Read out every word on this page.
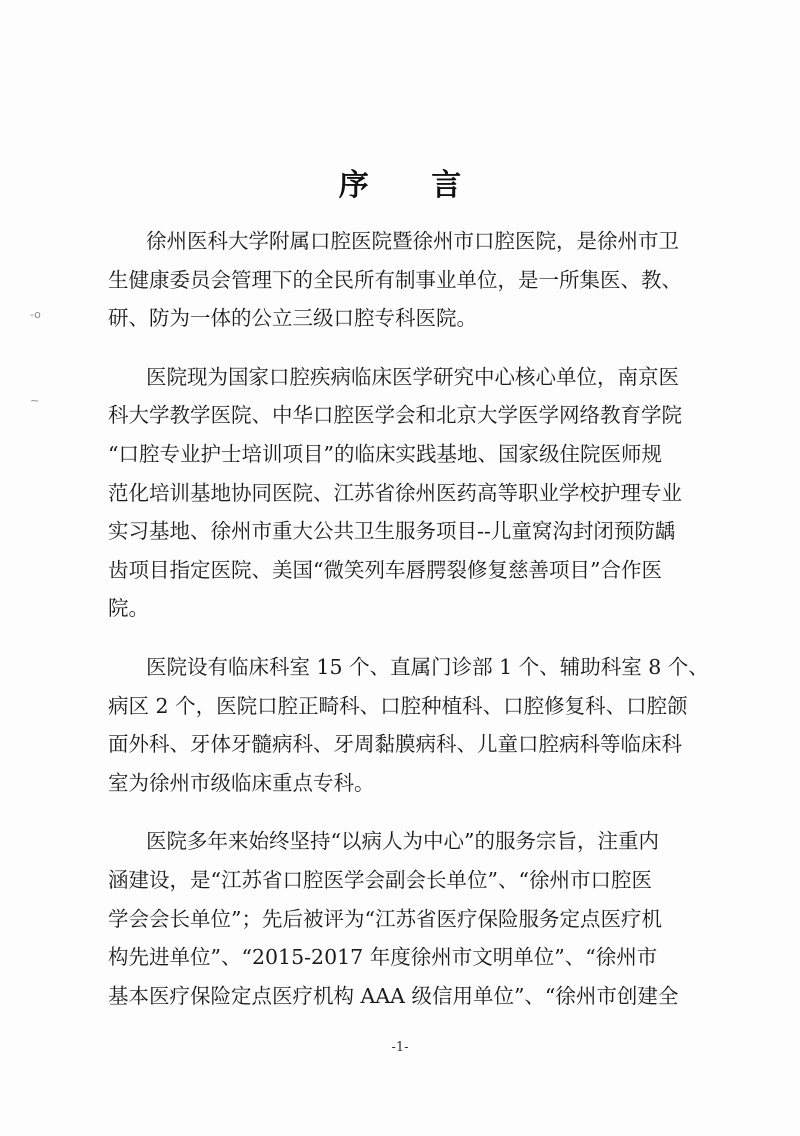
-o
~
序 言
徐州医科大学附属口腔医院暨徐州市口腔医院，是徐州市卫
生健康委员会管理下的全民所有制事业单位，是一所集医、教、
研、防为一体的公立三级口腔专科医院。
医院现为国家口腔疾病临床医学研究中心核心单位，南京医
科大学教学医院、中华口腔医学会和北京大学医学网络教育学院
“口腔专业护士培训项目”的临床实践基地、国家级住院医师规
范化培训基地协同医院、江苏省徐州医药高等职业学校护理专业
实习基地、徐州市重大公共卫生服务项目--儿童窝沟封闭预防龋
齿项目指定医院、美国“微笑列车唇腭裂修复慈善项目”合作医
院。
医院设有临床科室 15 个、直属门诊部 1 个、辅助科室 8 个、
病区 2 个，医院口腔正畸科、口腔种植科、口腔修复科、口腔颌
面外科、牙体牙髓病科、牙周黏膜病科、儿童口腔病科等临床科
室为徐州市级临床重点专科。
医院多年来始终坚持“以病人为中心”的服务宗旨，注重内
涵建设，是“江苏省口腔医学会副会长单位”、“徐州市口腔医
学会会长单位”；先后被评为“江苏省医疗保险服务定点医疗机
构先进单位”、“2015-2017 年度徐州市文明单位”、“徐州市
基本医疗保险定点医疗机构 AAA 级信用单位”、“徐州市创建全
-1-
